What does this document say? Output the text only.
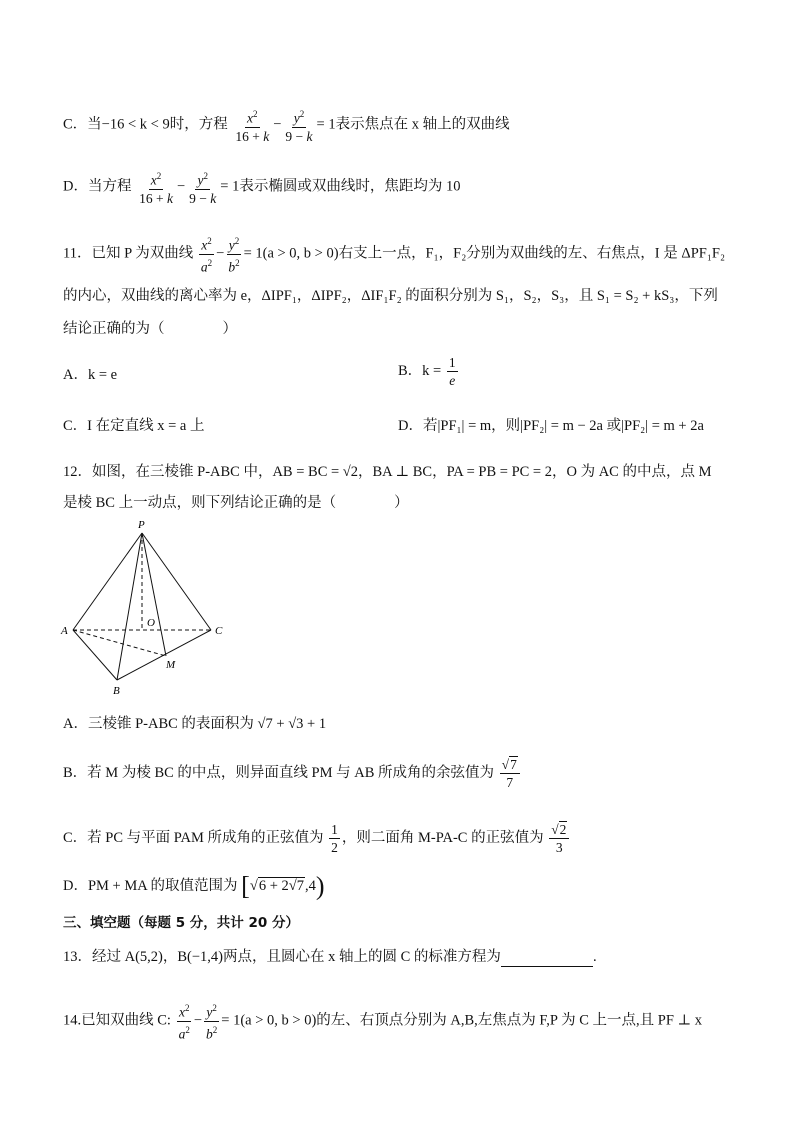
C．当−16 < k < 9时，方程 $\frac{x^2}{16 + k} - \frac{y^2}{9 - k} = 1$表示焦点在 x 轴上的双曲线
D．当方程 $\frac{x^2}{16 + k} - \frac{y^2}{9 - k} = 1$表示椭圆或双曲线时，焦距均为 10
11．已知 P 为双曲线 $\frac{x^2}{a^2} - \frac{y^2}{b^2} = 1(a > 0$, b > 0)右支上一点，F₁，F₂分别为双曲线的左、右焦点，I 是 ΔPF₁F₂
的内心，双曲线的离心率为 e，ΔIPF₁，ΔIPF₂，ΔIF₁F₂ 的面积分别为 S₁，S₂，S₃，且 S₁ = S₂ + kS₃，下列
结论正确的为（　　　　）
A．k = e	B．$k = \frac{1}{e}$
C．I 在定直线 x = a 上	D．若|PF₁| = m，则|PF₂| = m − 2a 或|PF₂| = m + 2a
12．如图，在三棱锥 P-ABC 中，AB = BC = √2，BA ⊥ BC，PA = PB = PC = 2，O 为 AC 的中点，点 M
是棱 BC 上一动点，则下列结论正确的是（　　　　）
P
A	C
O
M
B
A．三棱锥 P-ABC 的表面积为 √7 + √3 + 1
B．若 M 为棱 BC 的中点，则异面直线 PM 与 AB 所成角的余弦值为 $\frac{√7}{7}$
C．若 PC 与平面 PAM 所成角的正弦值为 $\frac{1}{2}$ ，则二面角 M-PA-C 的正弦值为 $\frac{√2}{3}$
D．PM + MA 的取值范围为 [√6 + 2√7,4)
三、填空题（每题 5 分，共计 20 分）
13．经过 A(5,2)，B(−1,4)两点，且圆心在 x 轴上的圆 C 的标准方程为	.
14.已知双曲线 C: $\frac{x^2}{a^2} - \frac{y^2}{b^2} = 1(a > 0$, b > 0)的左、右顶点分别为 A,B,左焦点为 F,P 为 C 上一点,且 PF ⊥ x
